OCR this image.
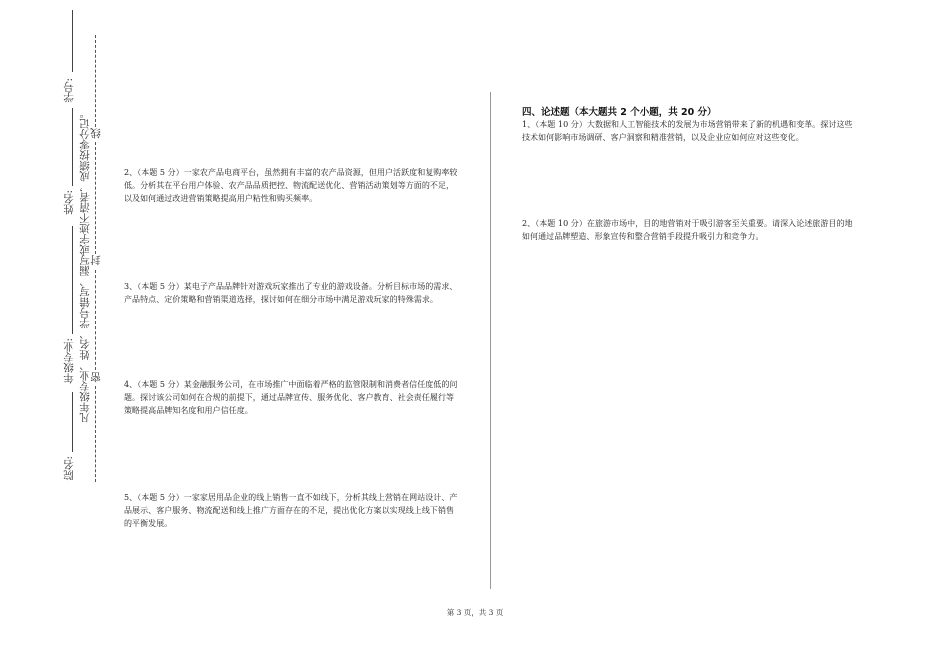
学号:
姓名:
年级专业:
院名:
凡年级专业、姓名、学号错写、漏写或字迹不清者，成绩按零分记。 线
封
密
2、（本题 5 分）一家农产品电商平台，虽然拥有丰富的农产品资源，但用户活跃度和复购率较低。分析其在平台用户体验、农产品品质把控、物流配送优化、营销活动策划等方面的不足，以及如何通过改进营销策略提高用户粘性和购买频率。
3、（本题 5 分）某电子产品品牌针对游戏玩家推出了专业的游戏设备。分析目标市场的需求、产品特点、定价策略和营销渠道选择，探讨如何在细分市场中满足游戏玩家的特殊需求。
4、（本题 5 分）某金融服务公司，在市场推广中面临着严格的监管限制和消费者信任度低的问题。探讨该公司如何在合规的前提下，通过品牌宣传、服务优化、客户教育、社会责任履行等策略提高品牌知名度和用户信任度。
5、（本题 5 分）一家家居用品企业的线上销售一直不如线下，分析其线上营销在网站设计、产品展示、客户服务、物流配送和线上推广方面存在的不足，提出优化方案以实现线上线下销售的平衡发展。
四、论述题（本大题共 2 个小题，共 20 分）
1、（本题 10 分）大数据和人工智能技术的发展为市场营销带来了新的机遇和变革。探讨这些技术如何影响市场调研、客户洞察和精准营销，以及企业应如何应对这些变化。
2、（本题 10 分）在旅游市场中，目的地营销对于吸引游客至关重要。请深入论述旅游目的地如何通过品牌塑造、形象宣传和整合营销手段提升吸引力和竞争力。
第 3 页，共 3 页
